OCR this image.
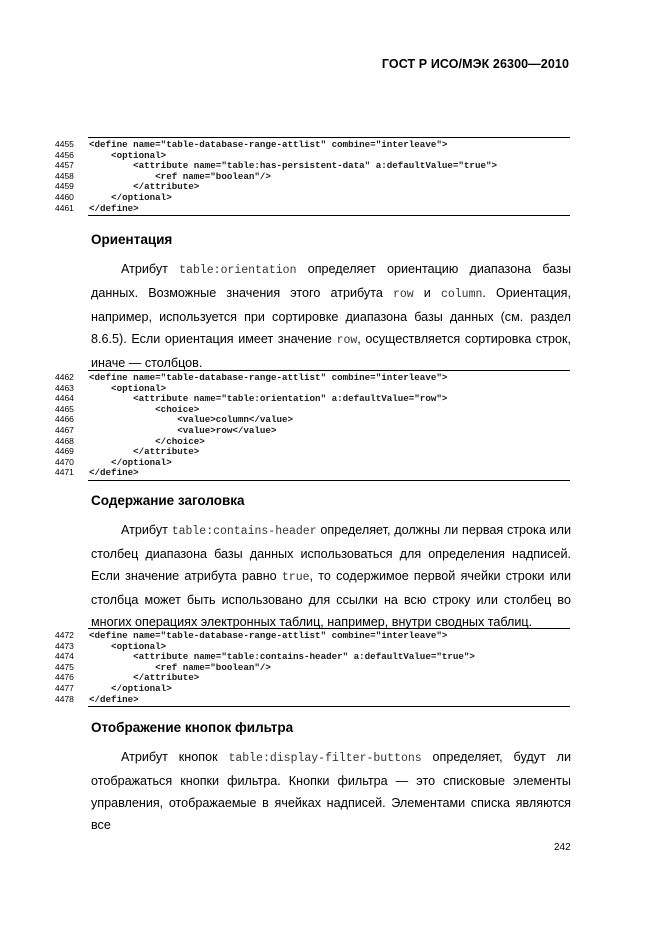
ГОСТ Р ИСО/МЭК 26300—2010
4455	<define name="table-database-range-attlist" combine="interleave">
4456	<optional>
4457	<attribute name="table:has-persistent-data" a:defaultValue="true">
4458	<ref name="boolean"/>
4459	</attribute>
4460	</optional>
4461	</define>
Ориентация
Атрибут table:orientation определяет ориентацию диапазона базы данных. Возможные значения этого атрибута row и column. Ориентация, например, используется при сортировке диапазона базы данных (см. раздел 8.6.5). Если ориентация имеет значение row, осуществляется сортировка строк, иначе — столбцов.
4462	<define name="table-database-range-attlist" combine="interleave">
4463	<optional>
4464	<attribute name="table:orientation" a:defaultValue="row">
4465	<choice>
4466	<value>column</value>
4467	<value>row</value>
4468	</choice>
4469	</attribute>
4470	</optional>
4471	</define>
Содержание заголовка
Атрибут table:contains-header определяет, должны ли первая строка или столбец диапазона базы данных использоваться для определения надписей. Если значение атрибута равно true, то содержимое первой ячейки строки или столбца может быть использовано для ссылки на всю строку или столбец во многих операциях электронных таблиц, например, внутри сводных таблиц.
4472	<define name="table-database-range-attlist" combine="interleave">
4473	<optional>
4474	<attribute name="table:contains-header" a:defaultValue="true">
4475	<ref name="boolean"/>
4476	</attribute>
4477	</optional>
4478	</define>
Отображение кнопок фильтра
Атрибут кнопок table:display-filter-buttons определяет, будут ли отображаться кнопки фильтра. Кнопки фильтра — это списковые элементы управления, отображаемые в ячейках надписей. Элементами списка являются все
242
